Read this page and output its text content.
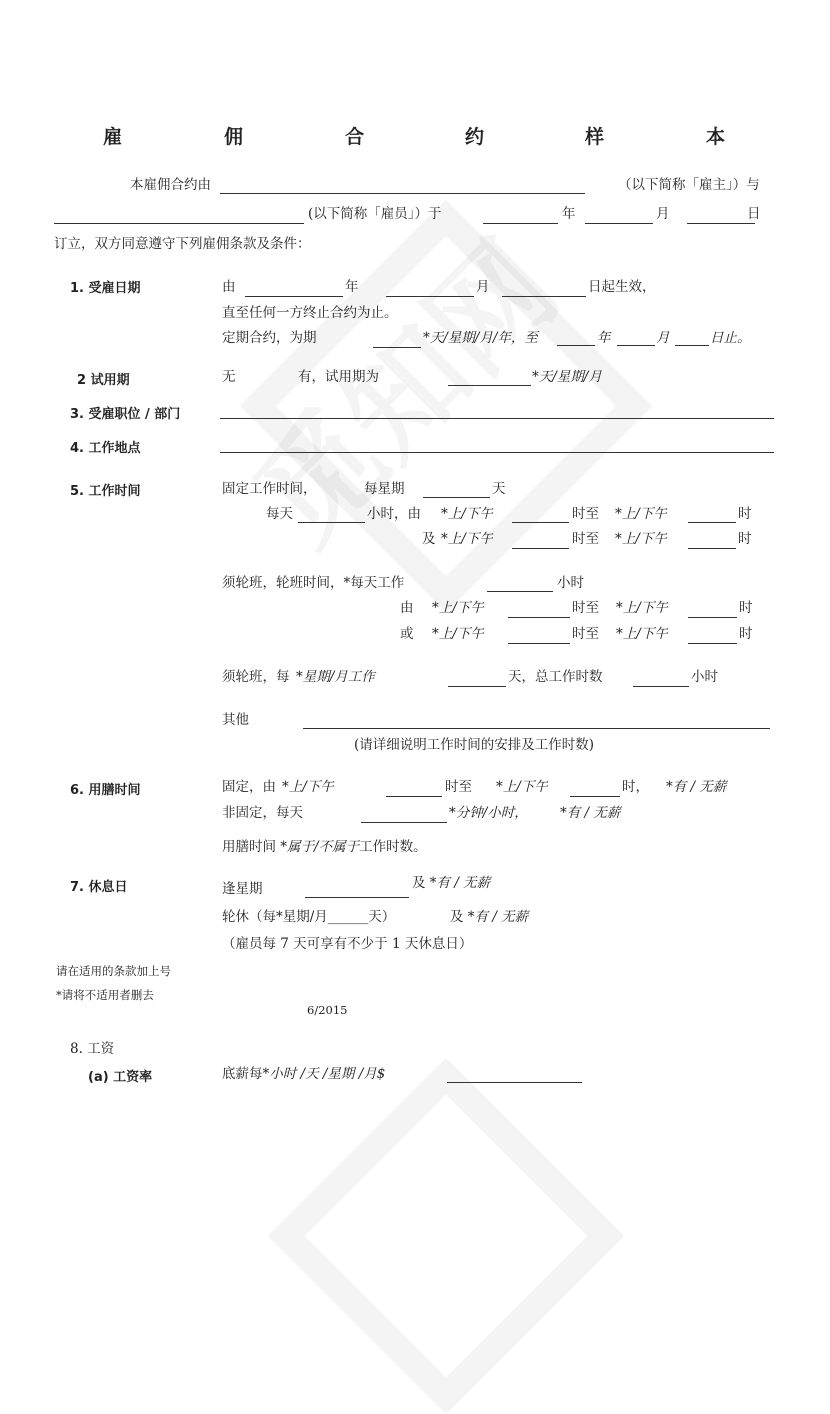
雇	佣	合	约	样	本
本雇佣合约由	（以下简称「雇主」）与
(以下简称「雇员」）于	年	月	日
订立，双方同意遵守下列雇佣条款及条件：
1. 受雇日期	由	年	月	日起生效，
直至任何一方终止合约为止。
定期合约，为期	*天/星期/月/年，至	年	月	日止。
2 试用期	无	有，试用期为	*天/星期/月
3. 受雇职位 / 部门
4. 工作地点
5. 工作时间	固定工作时间，	每星期	天
每天	小时，由 *上/下午	时至 *上/下午	时
及 *上/下午	时至 *上/下午	时
须轮班，轮班时间，*每天工作	小时
由 *上/下午	时至 *上/下午	时
或 *上/下午	时至 *上/下午	时
须轮班，每 *星期/月工作	天，总工作时数	小时
其他
(请详细说明工作时间的安排及工作时数)
6. 用膳时间	固定，由 *上/下午	时至 *上/下午	时， *有 / 无薪
非固定，每天	*分钟/小时， *有 / 无薪
用膳时间 *属于/不属于工作时数。
7. 休息日	逢星期	及 *有 / 无薪
轮休（每*星期/月______天）	及 *有 / 无薪
（雇员每 7 天可享有不少于 1 天休息日）
请在适用的条款加上号
*请将不适用者删去
6/2015
8. 工资
(a) 工资率	底薪每*小时 /天 /星期 /月$
